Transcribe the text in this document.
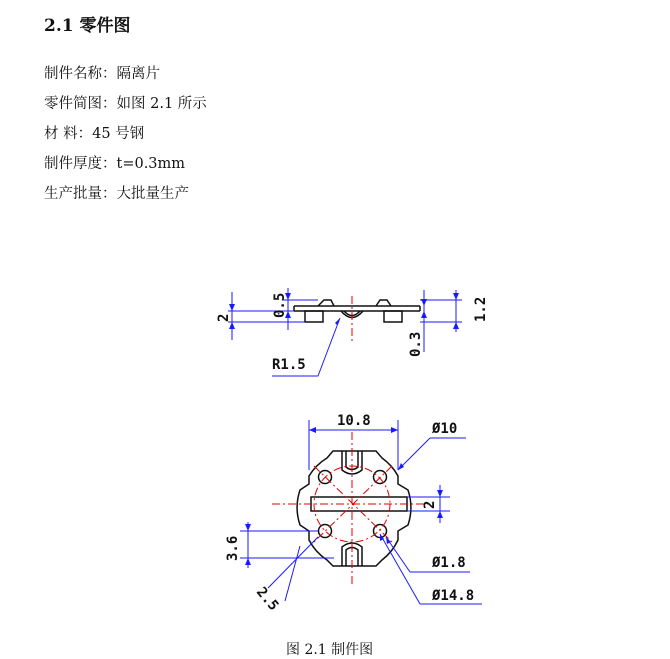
2.1 零件图
制件名称：隔离片
零件简图：如图 2.1 所示
材 料：45 号钢
制件厚度：t=0.3mm
生产批量：大批量生产
2	0.5	1.2
0.3
R1.5
10.8	Ø10
2
3.6
2.5
Ø1.8
Ø14.8
图 2.1 制件图
